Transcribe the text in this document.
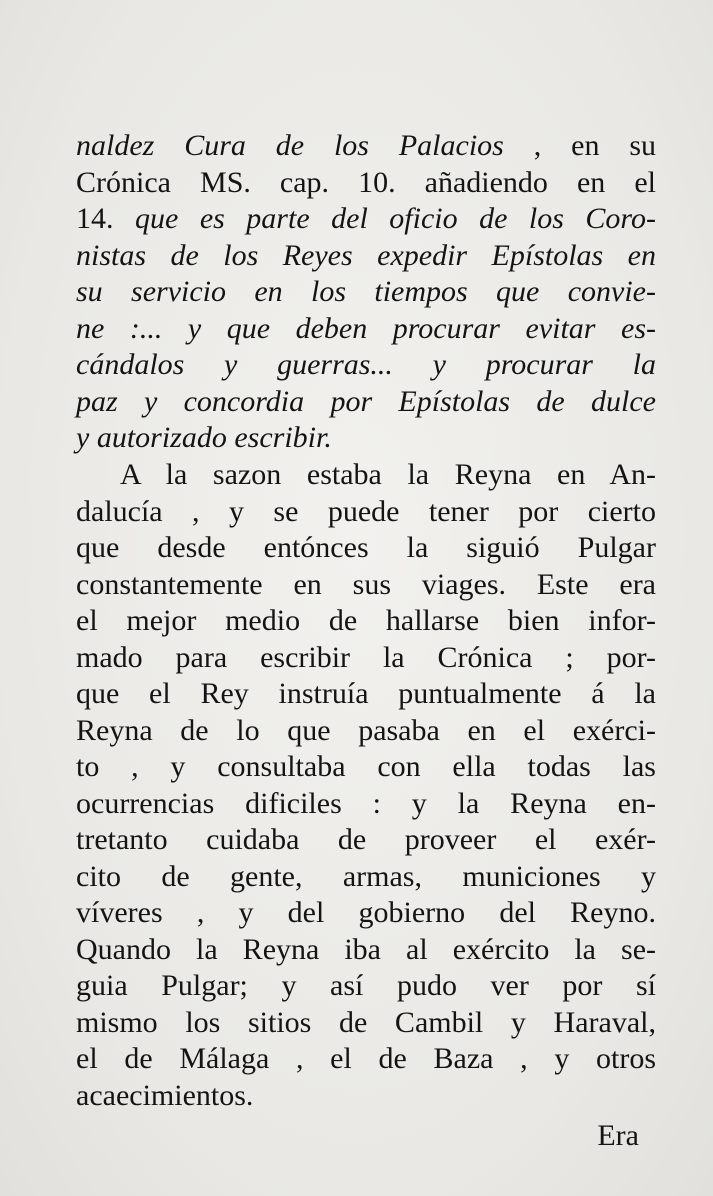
naldez Cura de los Palacios , en su
Crónica MS. cap. 10. añadiendo en el
14. que es parte del oficio de los Coro-
nistas de los Reyes expedir Epístolas en
su servicio en los tiempos que convie-
ne :... y que deben procurar evitar es-
cándalos y guerras... y procurar la
paz y concordia por Epístolas de dulce
y autorizado escribir.
A la sazon estaba la Reyna en An-
dalucía , y se puede tener por cierto
que desde entónces la siguió Pulgar
constantemente en sus viages. Este era
el mejor medio de hallarse bien infor-
mado para escribir la Crónica ; por-
que el Rey instruía puntualmente á la
Reyna de lo que pasaba en el exérci-
to , y consultaba con ella todas las
ocurrencias dificiles : y la Reyna en-
tretanto cuidaba de proveer el exér-
cito de gente, armas, municiones y
víveres , y del gobierno del Reyno.
Quando la Reyna iba al exército la se-
guia Pulgar; y así pudo ver por sí
mismo los sitios de Cambil y Haraval,
el de Málaga , el de Baza , y otros
acaecimientos.
Era
